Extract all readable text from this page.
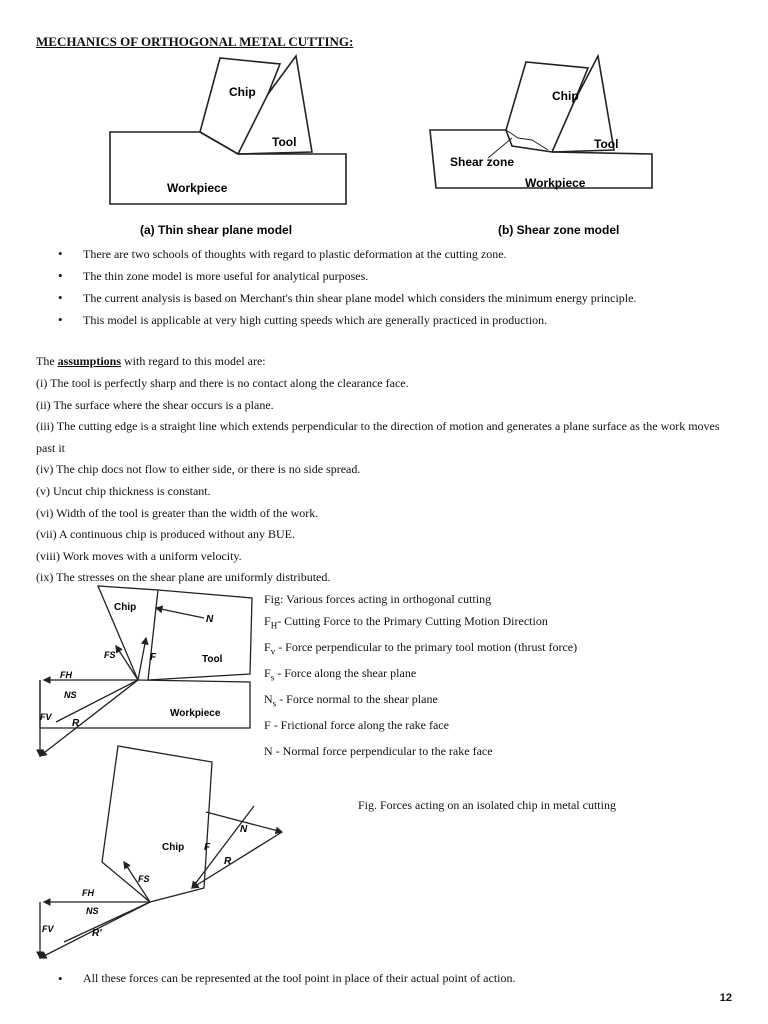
MECHANICS OF ORTHOGONAL METAL CUTTING:
Chip
Tool
Workpiece
Chip
Tool
Shear zone
Workpiece
(a) Thin shear plane model	(b) Shear zone model
• There are two schools of thoughts with regard to plastic deformation at the cutting zone.
• The thin zone model is more useful for analytical purposes.
• The current analysis is based on Merchant's thin shear plane model which considers the minimum energy principle.
• This model is applicable at very high cutting speeds which are generally practiced in production.
The assumptions with regard to this model are:
(i) The tool is perfectly sharp and there is no contact along the clearance face.
(ii) The surface where the shear occurs is a plane.
(iii) The cutting edge is a straight line which extends perpendicular to the direction of motion and generates a plane surface as the work moves past it
(iv) The chip docs not flow to either side, or there is no side spread.
(v) Uncut chip thickness is constant.
(vi) Width of the tool is greater than the width of the work.
(vii) A continuous chip is produced without any BUE.
(viii) Work moves with a uniform velocity.
(ix) The stresses on the shear plane are uniformly distributed.
Chip
Tool
Workpiece
N
F
FS
FH
NS
FV
R
Fig: Various forces acting in orthogonal cutting
$F_H-$ Cutting Force to the Primary Cutting Motion Direction
$F_v$ - Force perpendicular to the primary tool motion (thrust force)
$F_s$ - Force along the shear plane
$N_s$ - Force normal to the shear plane
F - Frictional force along the rake face
N - Normal force perpendicular to the rake face
Chip
N
F
R
FS
FH
NS
FV	R'
Fig. Forces acting on an isolated chip in metal cutting
• All these forces can be represented at the tool point in place of their actual point of action.
12
